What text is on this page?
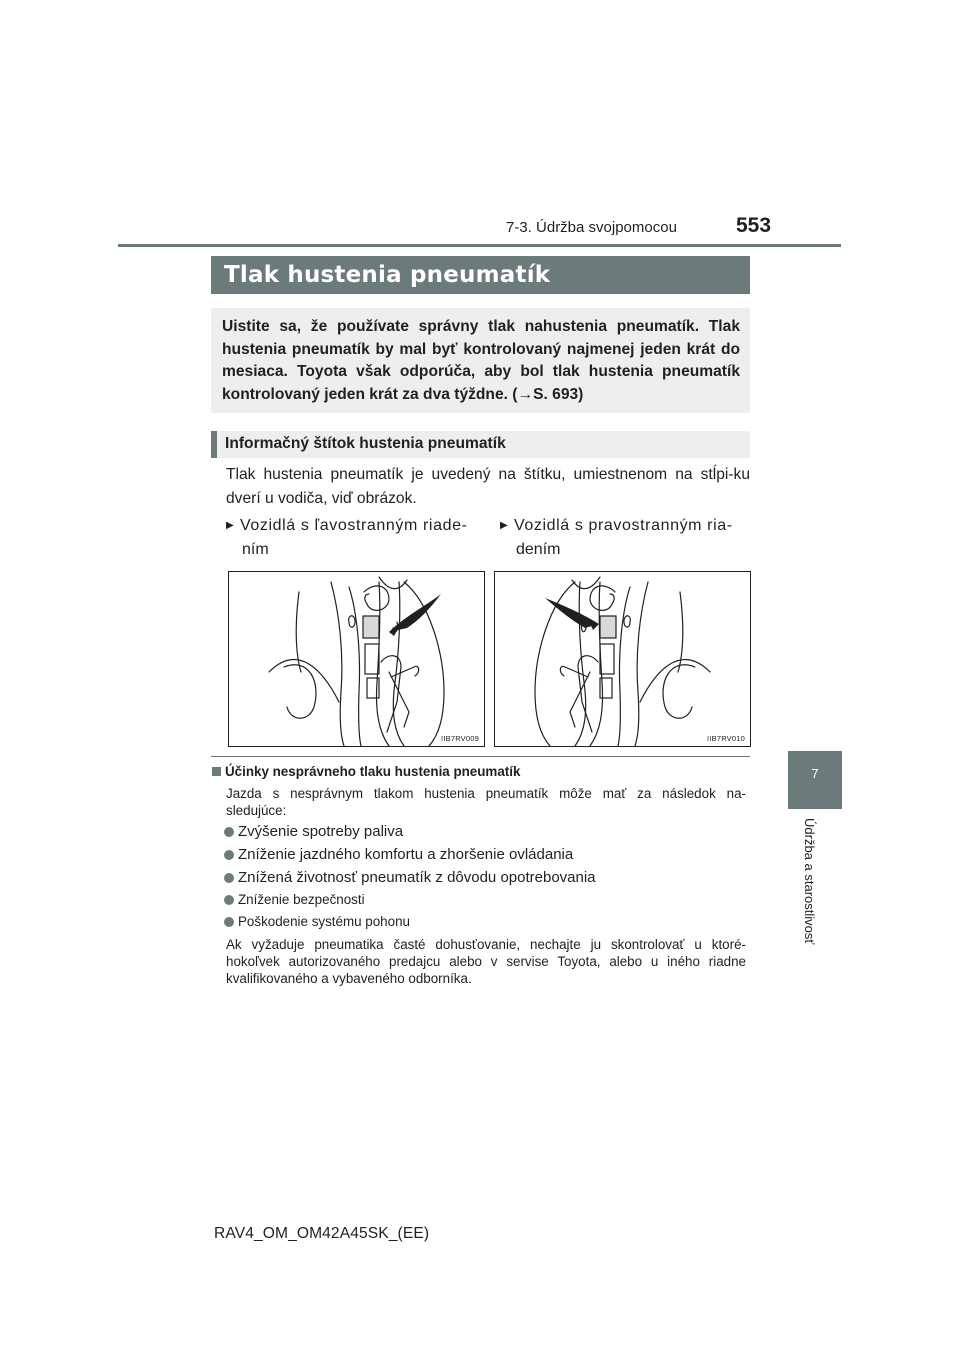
7-3. Údržba svojpomocou	553
7
Údržba a starostlivosť
Tlak hustenia pneumatík
Uistite sa, že používate správny tlak nahustenia pneumatík. Tlak hustenia pneumatík by mal byť kontrolovaný najmenej jeden krát do mesiaca. Toyota však odporúča, aby bol tlak hustenia pneumatík kontrolovaný jeden krát za dva týždne. (→S. 693)
Informačný štítok hustenia pneumatík
Tlak hustenia pneumatík je uvedený na štítku, umiestnenom na stĺpi-ku dverí u vodiča, viď obrázok.
▶ Vozidlá s ľavostranným riade-
ním
▶ Vozidlá s pravostranným ria-
dením
IIB7RV009	IIB7RV010
Účinky nesprávneho tlaku hustenia pneumatík
Jazda s nesprávnym tlakom hustenia pneumatík môže mať za následok na-
sledujúce:
Zvýšenie spotreby paliva
Zníženie jazdného komfortu a zhoršenie ovládania
Znížená životnosť pneumatík z dôvodu opotrebovania
Zníženie bezpečnosti
Poškodenie systému pohonu
Ak vyžaduje pneumatika časté dohusťovanie, nechajte ju skontrolovať u ktoré-
hokoľvek autorizovaného predajcu alebo v servise Toyota, alebo u iného riadne
kvalifikovaného a vybaveného odborníka.
RAV4_OM_OM42A45SK_(EE)
